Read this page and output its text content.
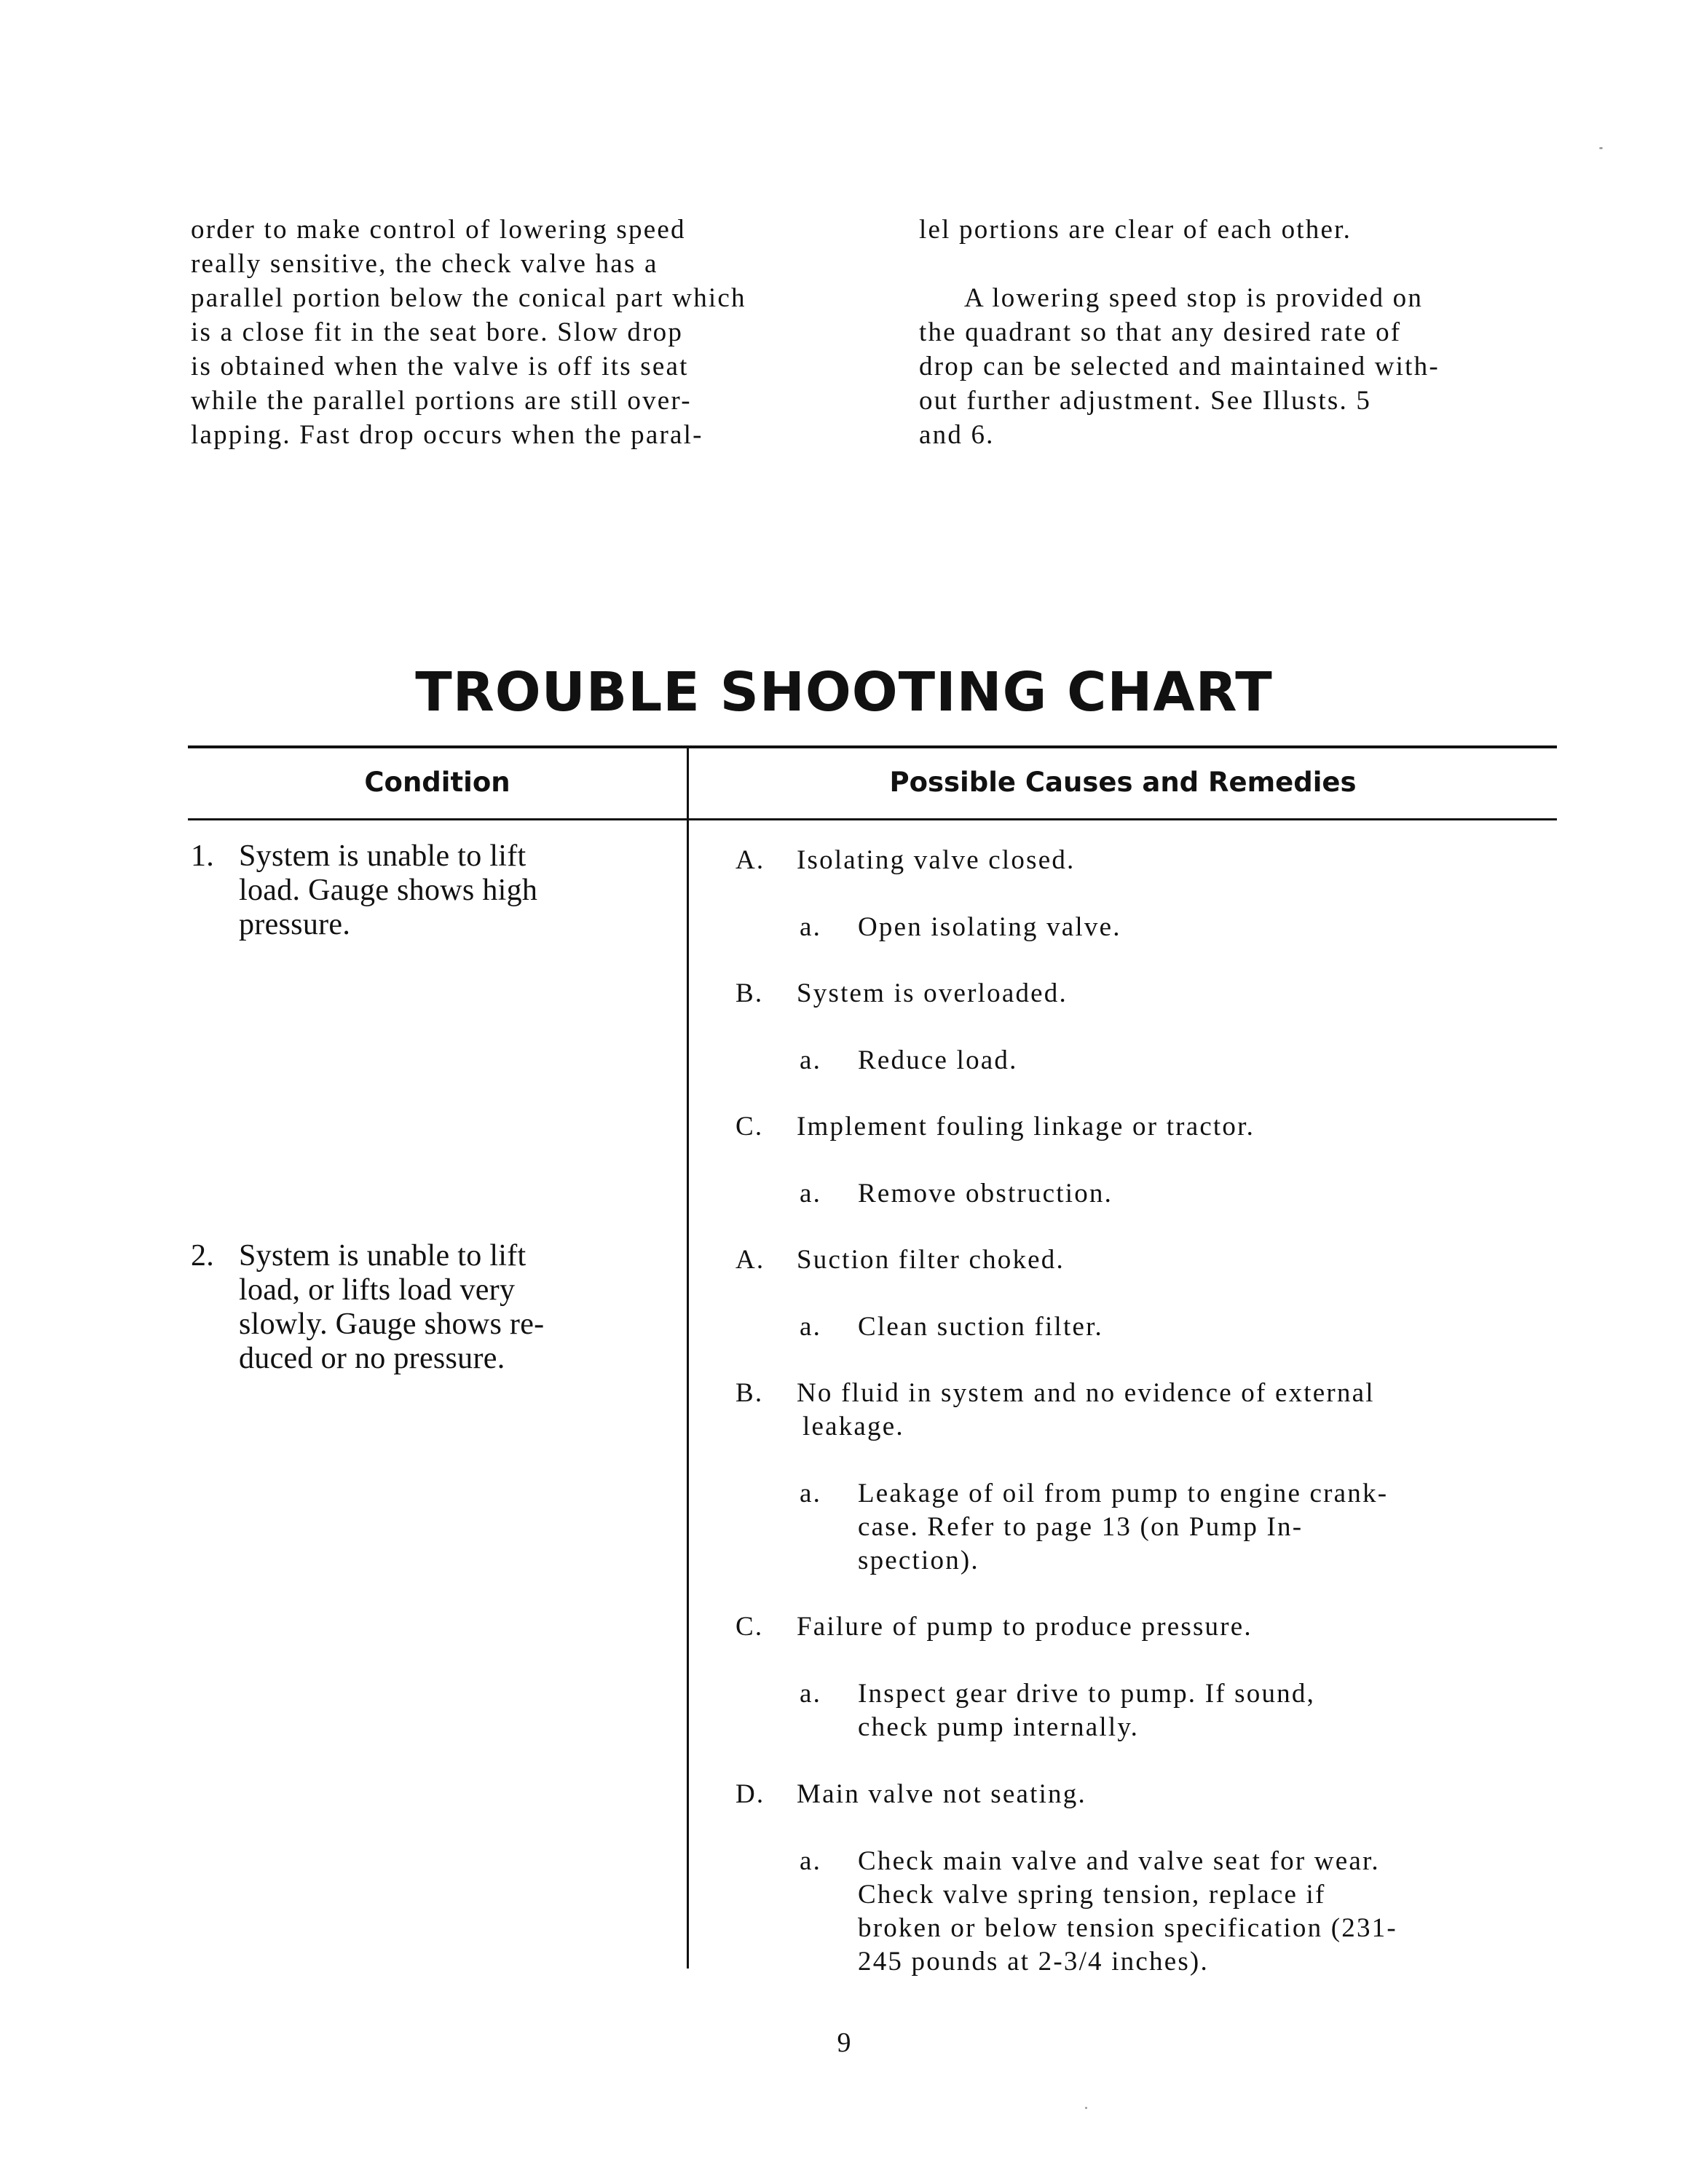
order to make control of lowering speed
really sensitive, the check valve has a
parallel portion below the conical part which
is a close fit in the seat bore. Slow drop
is obtained when the valve is off its seat
while the parallel portions are still over-
lapping. Fast drop occurs when the paral-

lel portions are clear of each other.

A lowering speed stop is provided on
the quadrant so that any desired rate of
drop can be selected and maintained with-
out further adjustment. See Illusts. 5
and 6.

TROUBLE SHOOTING CHART
Condition	Possible Causes and Remedies
1. System is unable to lift
load. Gauge shows high
pressure.
A. Isolating valve closed.
a. Open isolating valve.
B. System is overloaded.
a. Reduce load.
C. Implement fouling linkage or tractor.
a. Remove obstruction.
2. System is unable to lift
load, or lifts load very
slowly. Gauge shows re-
duced or no pressure.
A. Suction filter choked.
a. Clean suction filter.
B. No fluid in system and no evidence of external
leakage.
a. Leakage of oil from pump to engine crank-
case. Refer to page 13 (on Pump In-
spection).
C. Failure of pump to produce pressure.
a. Inspect gear drive to pump. If sound,
check pump internally.
D. Main valve not seating.
a. Check main valve and valve seat for wear.
Check valve spring tension, replace if
broken or below tension specification (231-
245 pounds at 2-3/4 inches).
9
